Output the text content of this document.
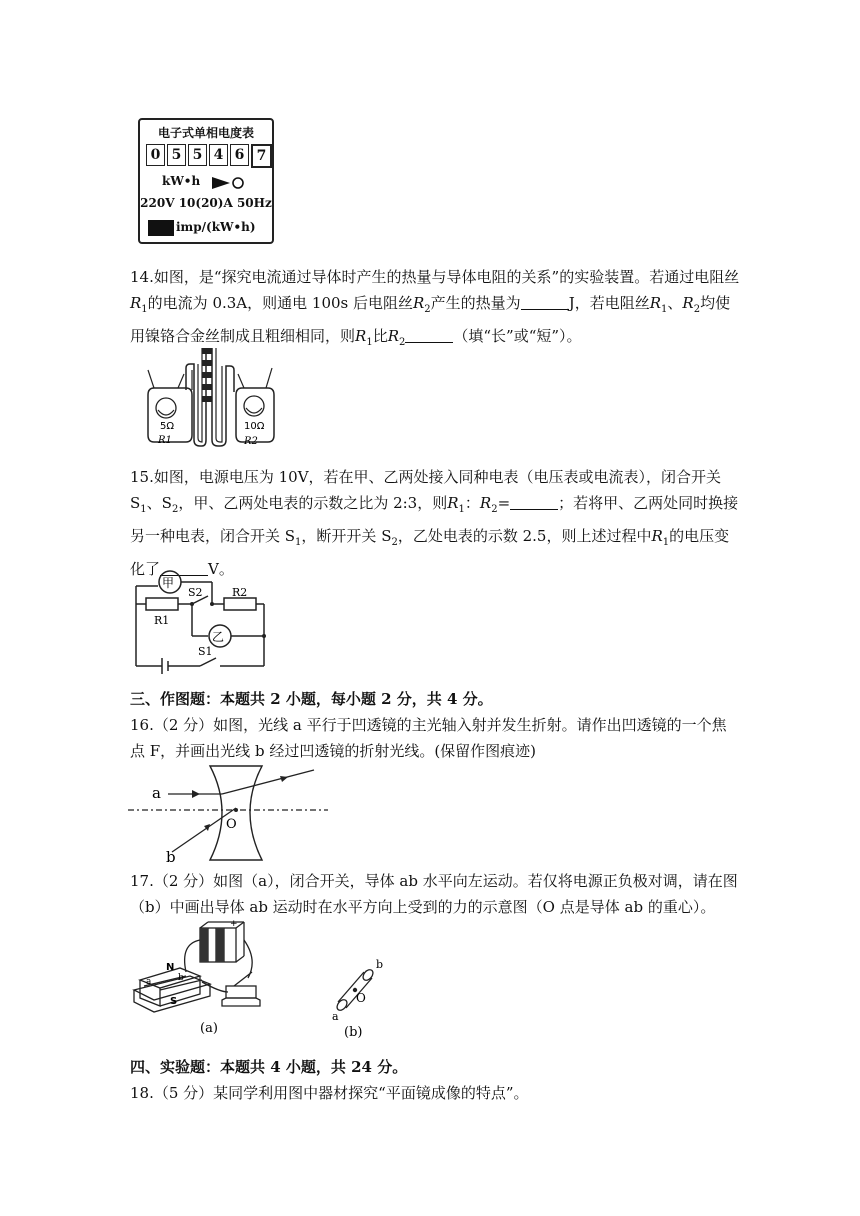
电子式单相电度表
0 5 5 4 6 7
kW•h
220V 10(20)A 50Hz
imp/(kW•h)

14.如图，是“探究电流通过导体时产生的热量与导体电阻的关系”的实验装置。若通过电阻丝 $R_1$的电流为 0.3A，则通电 100s 后电阻丝$R_2$产生的热量为	J，若电阻丝$R_1$、$R_2$均使用镍铬合金丝制成且粗细相同，则$R_1$比$R_2$	（填“长”或“短”）。

5Ω	10Ω
R1	R2

15.如图，电源电压为 10V，若在甲、乙两处接入同种电表（电压表或电流表），闭合开关 $S_1$、$S_2$，甲、乙两处电表的示数之比为 2:3，则$R_1$：$R_2=$	；若将甲、乙两处同时换接另一种电表，闭合开关 $S_1$，断开开关 $S_2$，乙处电表的示数 2.5，则上述过程中$R_1$的电压变化了	V。

甲
乙
S2	R2
R1
S1
三、作图题：本题共 2 小题，每小题 2 分，共 4 分。
16.（2 分）如图，光线 a 平行于凹透镜的主光轴入射并发生折射。请作出凹透镜的一个焦点 F，并画出光线 b 经过凹透镜的折射光线。(保留作图痕迹)
a
b
O
17.（2 分）如图（a），闭合开关，导体 ab 水平向左运动。若仅将电源正负极对调，请在图（b）中画出导体 ab 运动时在水平方向上受到的力的示意图（O 点是导体 ab 的重心）。
N
S
a	b
+
(a)
b
a
O
(b)
四、实验题：本题共 4 小题，共 24 分。
18.（5 分）某同学利用图中器材探究“平面镜成像的特点”。
